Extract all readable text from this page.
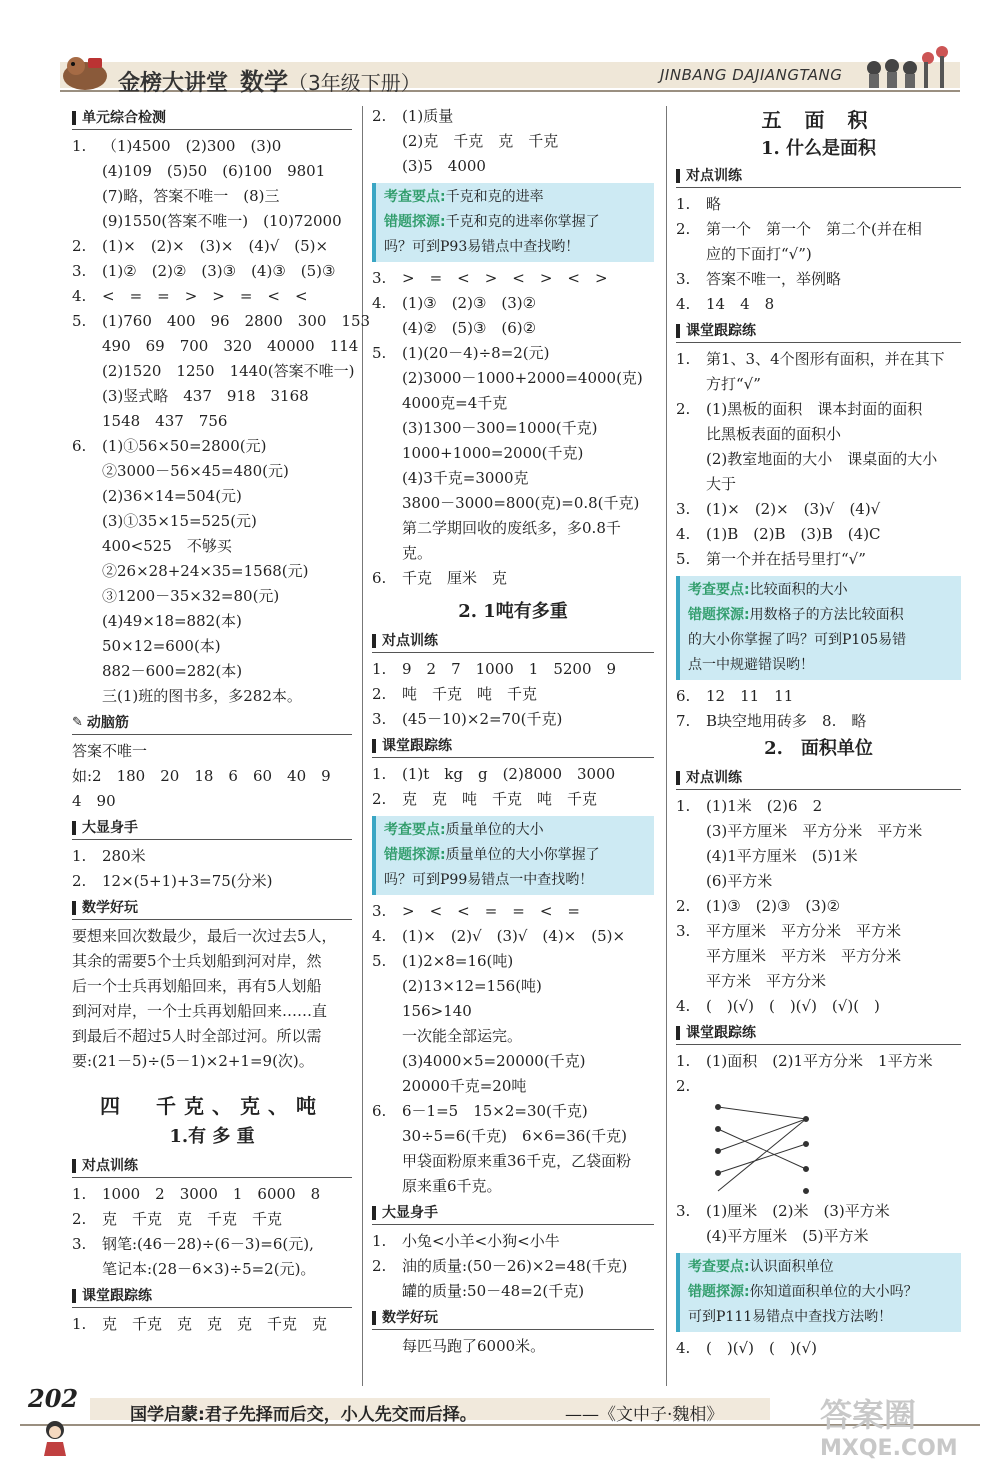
金榜大讲堂 数学（3年级下册）	JINBANG DAJIANGTANG
单元综合检测
1. （1)4500　(2)300　(3)0
(4)109　(5)50　(6)100　9801
(7)略，答案不唯一　(8)三
(9)1550(答案不唯一)　(10)72000
2. (1)×　(2)×　(3)×　(4)√　(5)×
3. (1)②　(2)②　(3)③　(4)③　(5)③
4. <　=　=　>　>　=　<　<
5. (1)760　400　96　2800　300　153
490　69　700　320　40000　114
(2)1520　1250　1440(答案不唯一)
(3)竖式略　437　918　3168
1548　437　756
6. (1)①56×50=2800(元)
②3000－56×45=480(元)
(2)36×14=504(元)
(3)①35×15=525(元)
400<525　不够买
②26×28+24×35=1568(元)
③1200－35×32=80(元)
(4)49×18=882(本)
50×12=600(本)
882－600=282(本)
三(1)班的图书多，多282本。
✎ 动脑筋
答案不唯一
如:2　180　20　18　6　60　40　9
4　90
大显身手
1. 280米
2. 12×(5+1)+3=75(分米)
数学好玩
要想来回次数最少，最后一次过去5人，
其余的需要5个士兵划船到河对岸，然
后一个士兵再划船回来，再有5人划船
到河对岸，一个士兵再划船回来……直
到最后不超过5人时全部过河。所以需
要:(21－5)÷(5－1)×2+1=9(次)。
四　千克、克、吨
1.有 多 重
对点训练
1. 1000　2　3000　1　6000　8
2. 克　千克　克　千克　千克
3. 钢笔:(46－28)÷(6－3)=6(元),
笔记本:(28－6×3)÷5=2(元)。
课堂跟踪练
1. 克　千克　克　克　克　千克　克
2. (1)质量
(2)克　千克　克　千克
(3)5　4000
考查要点:千克和克的进率
错题探源:千克和克的进率你掌握了
吗？可到P93易错点中查找哟！
3. >　=　<　>　<　>　<　>
4. (1)③　(2)③　(3)②
(4)②　(5)③　(6)②
5. (1)(20－4)÷8=2(元)
(2)3000－1000+2000=4000(克)
4000克=4千克
(3)1300－300=1000(千克)
1000+1000=2000(千克)
(4)3千克=3000克
3800－3000=800(克)=0.8(千克)
第二学期回收的废纸多，多0.8千
克。
6. 千克　厘米　克
2. 1吨有多重
对点训练
1. 9　2　7　1000　1　5200　9
2. 吨　千克　吨　千克
3. (45－10)×2=70(千克)
课堂跟踪练
1. (1)t　kg　g　(2)8000　3000
2. 克　克　吨　千克　吨　千克
考查要点:质量单位的大小
错题探源:质量单位的大小你掌握了
吗？可到P99易错点一中查找哟！
3. >　<　<　=　=　<　=
4. (1)×　(2)√　(3)√　(4)×　(5)×
5. (1)2×8=16(吨)
(2)13×12=156(吨)
156>140
一次能全部运完。
(3)4000×5=20000(千克)
20000千克=20吨
6. 6－1=5　15×2=30(千克)
30÷5=6(千克)　6×6=36(千克)
甲袋面粉原来重36千克，乙袋面粉
原来重6千克。
大显身手
1. 小兔<小羊<小狗<小牛
2. 油的质量:(50－26)×2=48(千克)
罐的质量:50－48=2(千克)
数学好玩
每匹马跑了6000米。
五 面 积
1. 什么是面积
对点训练
1. 略
2. 第一个　第一个　第二个(并在相
应的下面打“√”)
3. 答案不唯一，举例略
4. 14　4　8
课堂跟踪练
1. 第1、3、4个图形有面积，并在其下
方打“√”
2. (1)黑板的面积　课本封面的面积
比黑板表面的面积小
(2)教室地面的大小　课桌面的大小
大于
3. (1)×　(2)×　(3)√　(4)√
4. (1)B　(2)B　(3)B　(4)C
5. 第一个并在括号里打“√”
考查要点:比较面积的大小
错题探源:用数格子的方法比较面积
的大小你掌握了吗？可到P105易错
点一中规避错误哟！
6. 12　11　11
7. B块空地用砖多　8.　略
2.　面积单位
对点训练
1. (1)1米　(2)6　2
(3)平方厘米　平方分米　平方米
(4)1平方厘米　(5)1米
(6)平方米
2. (1)③　(2)③　(3)②
3. 平方厘米　平方分米　平方米
平方厘米　平方米　平方分米
平方米　平方分米
4. (　)(√)　(　)(√)　(√)(　)
课堂跟踪练
1. (1)面积　(2)1平方分米　1平方米
2.
3. (1)厘米　(2)米　(3)平方米
(4)平方厘米　(5)平方米
考查要点:认识面积单位
错题探源:你知道面积单位的大小吗？
可到P111易错点中查找方法哟！
4. (　)(√)　(　)(√)
202
国学启蒙:君子先择而后交，小人先交而后择。	——《文中子·魏相》	答案圈
MXQE.COM
